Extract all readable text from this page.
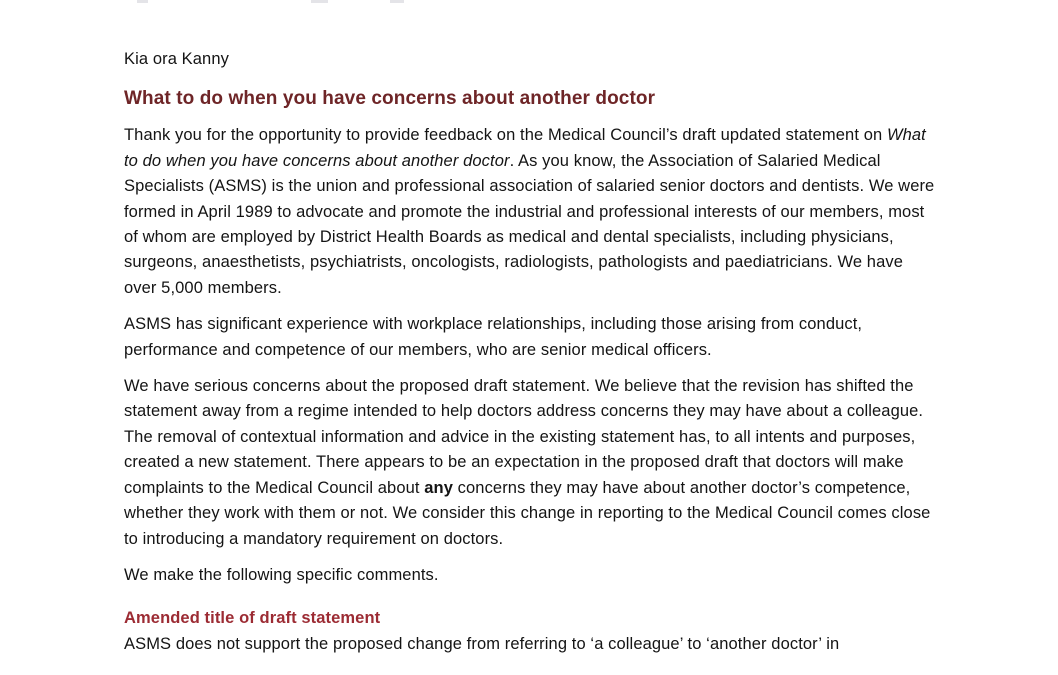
Kia ora Kanny

What to do when you have concerns about another doctor

Thank you for the opportunity to provide feedback on the Medical Council’s draft updated statement on What to do when you have concerns about another doctor. As you know, the Association of Salaried Medical Specialists (ASMS) is the union and professional association of salaried senior doctors and dentists. We were formed in April 1989 to advocate and promote the industrial and professional interests of our members, most of whom are employed by District Health Boards as medical and dental specialists, including physicians, surgeons, anaesthetists, psychiatrists, oncologists, radiologists, pathologists and paediatricians. We have over 5,000 members.

ASMS has significant experience with workplace relationships, including those arising from conduct, performance and competence of our members, who are senior medical officers.

We have serious concerns about the proposed draft statement. We believe that the revision has shifted the statement away from a regime intended to help doctors address concerns they may have about a colleague. The removal of contextual information and advice in the existing statement has, to all intents and purposes, created a new statement. There appears to be an expectation in the proposed draft that doctors will make complaints to the Medical Council about any concerns they may have about another doctor’s competence, whether they work with them or not. We consider this change in reporting to the Medical Council comes close to introducing a mandatory requirement on doctors.

We make the following specific comments.

Amended title of draft statement

ASMS does not support the proposed change from referring to ‘a colleague’ to ‘another doctor’ in
